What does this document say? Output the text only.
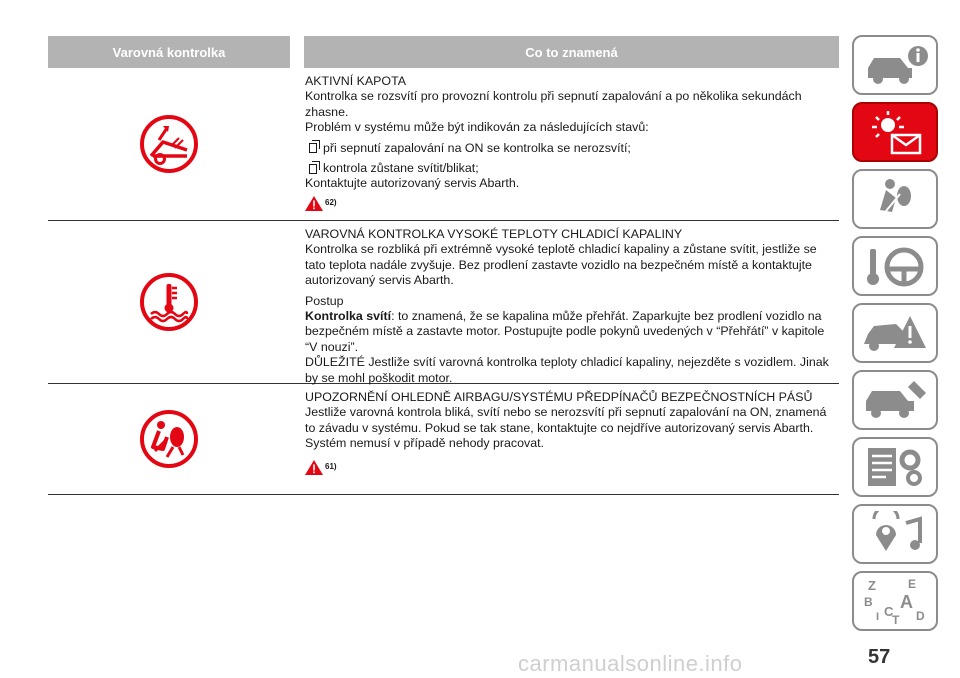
Varovná kontrolka	Co to znamená

AKTIVNÍ KAPOTA

Kontrolka se rozsvítí pro provozní kontrolu při sepnutí zapalování a po několika sekundách zhasne.

Problém v systému může být indikován za následujících stavů:

při sepnutí zapalování na ON se kontrolka se nerozsvítí;
kontrola zůstane svítit/blikat;

Kontaktujte autorizovaný servis Abarth.

62)

VAROVNÁ KONTROLKA VYSOKÉ TEPLOTY CHLADICÍ KAPALINY

Kontrolka se rozbliká při extrémně vysoké teplotě chladicí kapaliny a zůstane svítit, jestliže se tato teplota nadále zvyšuje. Bez prodlení zastavte vozidlo na bezpečném místě a kontaktujte autorizovaný servis Abarth.

Postup

Kontrolka svítí: to znamená, že se kapalina může přehřát. Zaparkujte bez prodlení vozidlo na bezpečném místě a zastavte motor. Postupujte podle pokynů uvedených v “Přehřátí” v kapitole “V nouzi”.

DŮLEŽITÉ Jestliže svítí varovná kontrolka teploty chladicí kapaliny, nejezděte s vozidlem. Jinak by se mohl poškodit motor.

UPOZORNĚNÍ OHLEDNĚ AIRBAGU/SYSTÉMU PŘEDPÍNAČŮ BEZPEČNOSTNÍCH PÁSŮ

Jestliže varovná kontrola bliká, svítí nebo se nerozsvítí při sepnutí zapalování na ON, znamená to závadu v systému. Pokud se tak stane, kontaktujte co nejdříve autorizovaný servis Abarth. Systém nemusí v případě nehody pracovat.

61)
Z	E
B A
I C
T D
57
carmanualsonline.info
